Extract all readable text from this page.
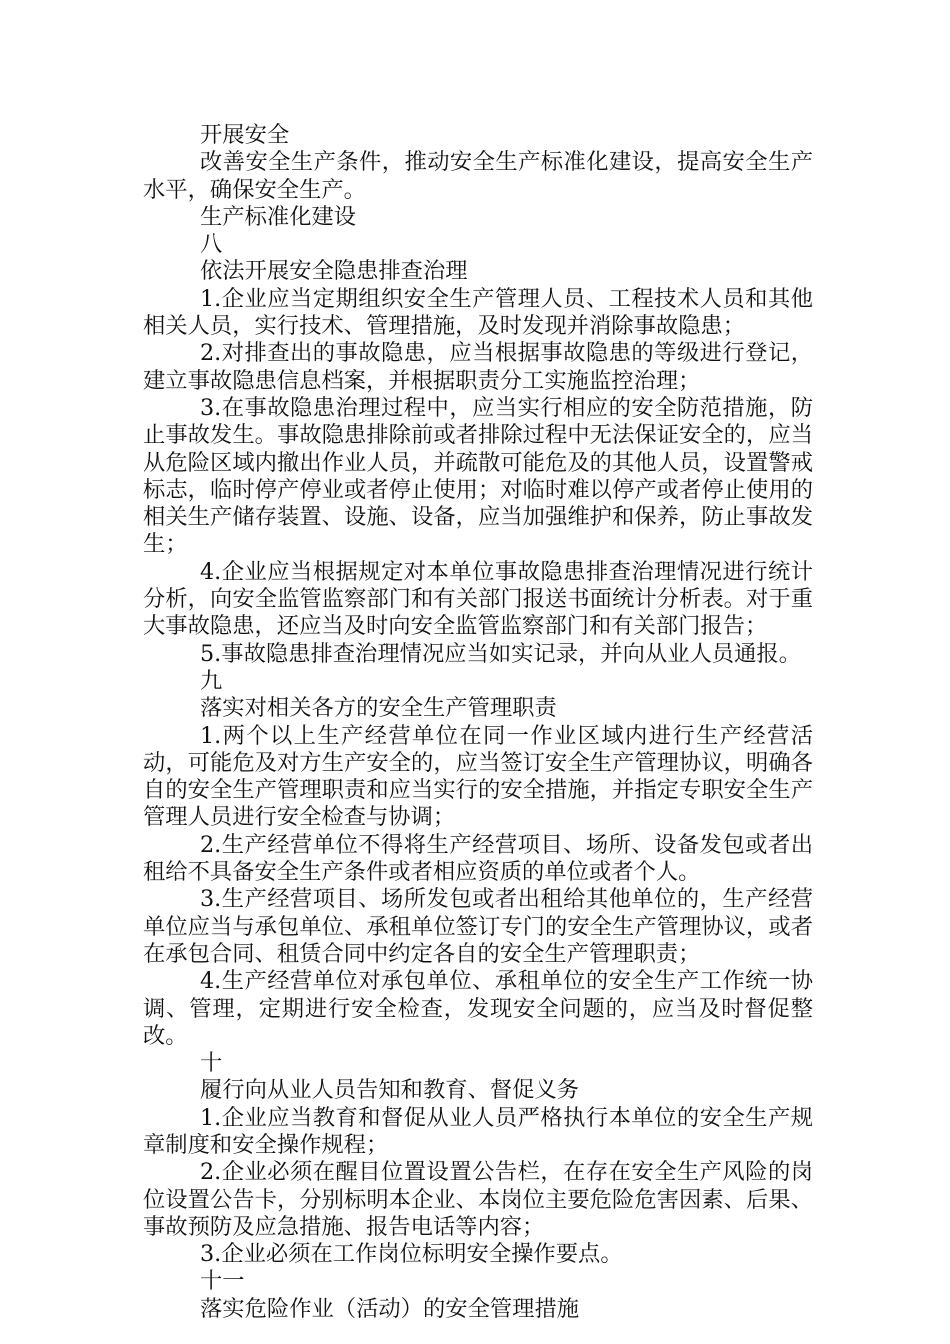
开展安全

改善安全生产条件，推动安全生产标准化建设，提高安全生产水平，确保安全生产。

生产标准化建设

八

依法开展安全隐患排查治理

1.企业应当定期组织安全生产管理人员、工程技术人员和其他相关人员，实行技术、管理措施，及时发现并消除事故隐患；

2.对排查出的事故隐患，应当根据事故隐患的等级进行登记，建立事故隐患信息档案，并根据职责分工实施监控治理；

3.在事故隐患治理过程中，应当实行相应的安全防范措施，防止事故发生。事故隐患排除前或者排除过程中无法保证安全的，应当从危险区域内撤出作业人员，并疏散可能危及的其他人员，设置警戒标志，临时停产停业或者停止使用；对临时难以停产或者停止使用的相关生产储存装置、设施、设备，应当加强维护和保养，防止事故发生；

4.企业应当根据规定对本单位事故隐患排查治理情况进行统计分析，向安全监管监察部门和有关部门报送书面统计分析表。对于重大事故隐患，还应当及时向安全监管监察部门和有关部门报告；

5.事故隐患排查治理情况应当如实记录，并向从业人员通报。

九

落实对相关各方的安全生产管理职责

1.两个以上生产经营单位在同一作业区域内进行生产经营活动，可能危及对方生产安全的，应当签订安全生产管理协议，明确各自的安全生产管理职责和应当实行的安全措施，并指定专职安全生产管理人员进行安全检查与协调；

2.生产经营单位不得将生产经营项目、场所、设备发包或者出租给不具备安全生产条件或者相应资质的单位或者个人。

3.生产经营项目、场所发包或者出租给其他单位的，生产经营单位应当与承包单位、承租单位签订专门的安全生产管理协议，或者在承包合同、租赁合同中约定各自的安全生产管理职责；

4.生产经营单位对承包单位、承租单位的安全生产工作统一协调、管理，定期进行安全检查，发现安全问题的，应当及时督促整改。

十

履行向从业人员告知和教育、督促义务

1.企业应当教育和督促从业人员严格执行本单位的安全生产规章制度和安全操作规程；

2.企业必须在醒目位置设置公告栏，在存在安全生产风险的岗位设置公告卡，分别标明本企业、本岗位主要危险危害因素、后果、事故预防及应急措施、报告电话等内容；

3.企业必须在工作岗位标明安全操作要点。

十一

落实危险作业（活动）的安全管理措施
